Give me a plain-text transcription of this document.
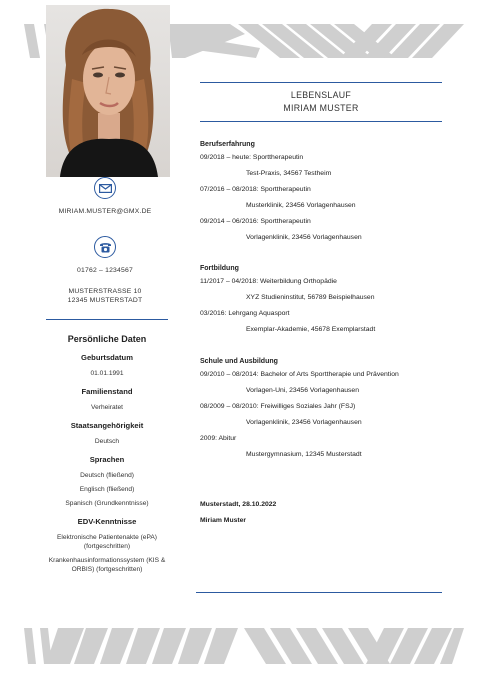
MIRIAM.MUSTER@GMX.DE
01762 – 1234567
MUSTERSTRASSE 10
12345 MUSTERSTADT
Persönliche Daten
Geburtsdatum
01.01.1991
Familienstand
Verheiratet
Staatsangehörigkeit
Deutsch
Sprachen
Deutsch (fließend)
Englisch (fließend)
Spanisch (Grundkenntnisse)
EDV-Kenntnisse
Elektronische Patientenakte (ePA) (fortgeschritten)
Krankenhausinformationssystem (KIS & ORBIS) (fortgeschritten)
LEBENSLAUF
MIRIAM MUSTER
Berufserfahrung
09/2018 – heute: Sporttherapeutin
Test-Praxis, 34567 Testheim
07/2016 – 08/2018: Sporttherapeutin
Musterklinik, 23456 Vorlagenhausen
09/2014 – 06/2016: Sporttherapeutin
Vorlagenklinik, 23456 Vorlagenhausen
Fortbildung
11/2017 – 04/2018: Weiterbildung Orthopädie
XYZ Studieninstitut, 56789 Beispielhausen
03/2016: Lehrgang Aquasport
Exemplar-Akademie, 45678 Exemplarstadt
Schule und Ausbildung
09/2010 – 08/2014: Bachelor of Arts Sporttherapie und Prävention
Vorlagen-Uni, 23456 Vorlagenhausen
08/2009 – 08/2010: Freiwilliges Soziales Jahr (FSJ)
Vorlagenklinik, 23456 Vorlagenhausen
2009: Abitur
Mustergymnasium, 12345 Musterstadt
Musterstadt, 28.10.2022
Miriam Muster
